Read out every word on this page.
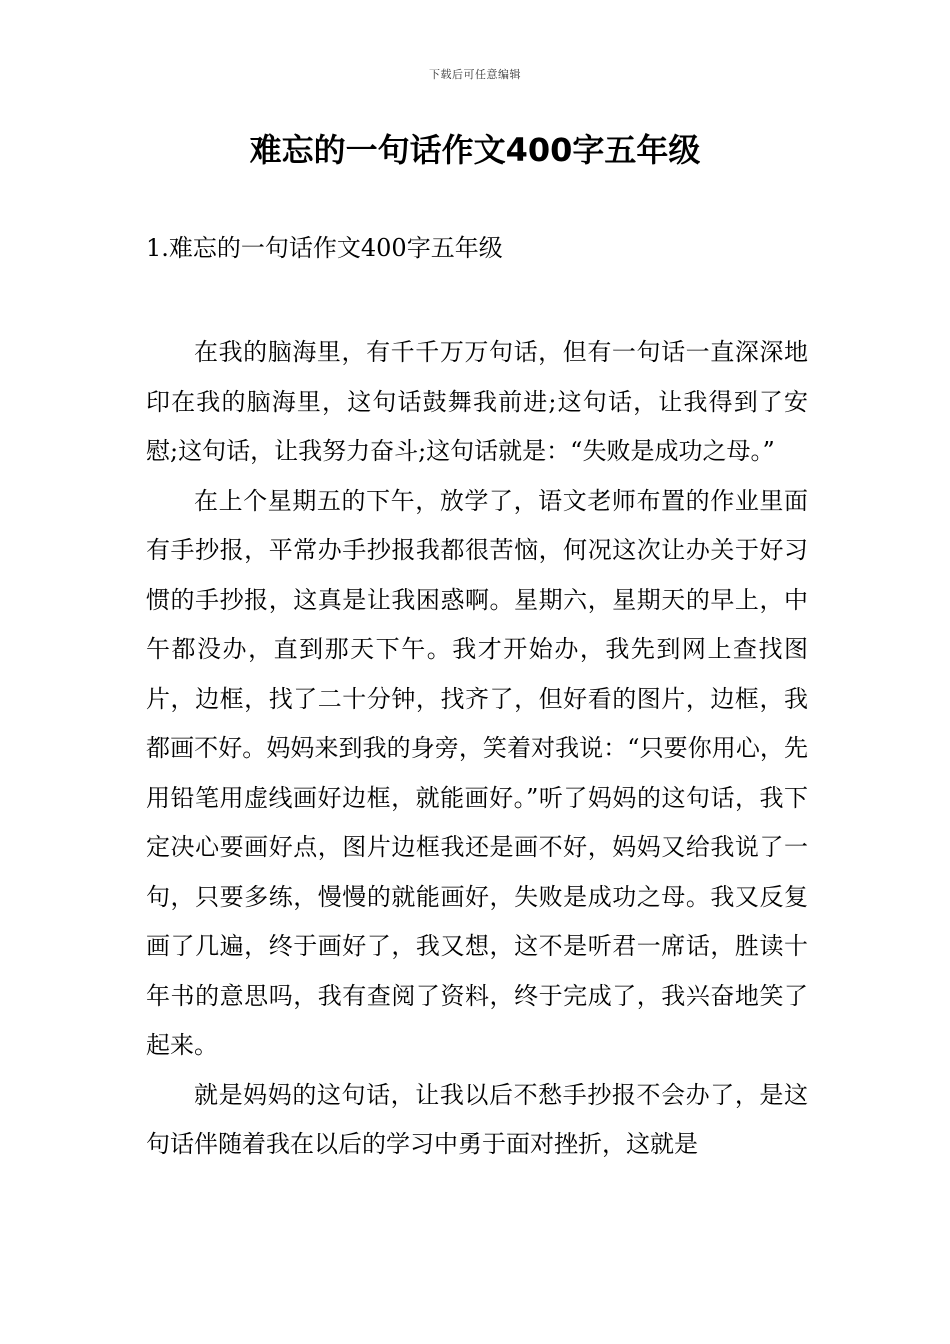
下载后可任意编辑
难忘的一句话作文400字五年级
1.难忘的一句话作文400字五年级

在我的脑海里，有千千万万句话，但有一句话一直深深地印在我的脑海里，这句话鼓舞我前进;这句话，让我得到了安慰;这句话，让我努力奋斗;这句话就是：“失败是成功之母。”

在上个星期五的下午，放学了，语文老师布置的作业里面有手抄报，平常办手抄报我都很苦恼，何况这次让办关于好习惯的手抄报，这真是让我困惑啊。星期六，星期天的早上，中午都没办，直到那天下午。我才开始办，我先到网上查找图片，边框，找了二十分钟，找齐了，但好看的图片，边框，我都画不好。妈妈来到我的身旁，笑着对我说：“只要你用心，先用铅笔用虚线画好边框，就能画好。”听了妈妈的这句话，我下定决心要画好点，图片边框我还是画不好，妈妈又给我说了一句，只要多练，慢慢的就能画好，失败是成功之母。我又反复画了几遍，终于画好了，我又想，这不是听君一席话，胜读十年书的意思吗，我有查阅了资料，终于完成了，我兴奋地笑了起来。

就是妈妈的这句话，让我以后不愁手抄报不会办了，是这句话伴随着我在以后的学习中勇于面对挫折，这就是
